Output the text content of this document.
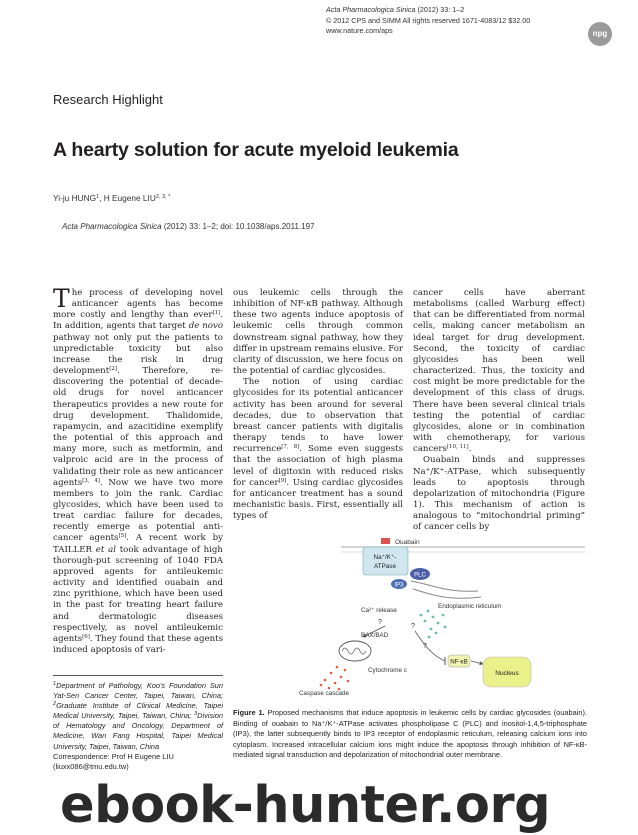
Acta Pharmacologica Sinica (2012) 33: 1–2
© 2012 CPS and SIMM All rights reserved 1671-4083/12 $32.00
www.nature.com/aps	npg
Research Highlight
A hearty solution for acute myeloid leukemia
Yi-ju HUNG$^1$, H Eugene $LIU^{2, 3, *}$
Acta Pharmacologica Sinica (2012) 33: 1–2; doi: 10.1038/aps.2011.197

The process of developing novel anticancer agents has become more costly and lengthy than ever[1]. In addition, agents that target de novo pathway not only put the patients to unpredictable toxicity but also increase the risk in drug development[2]. Therefore, re-discovering the potential of decade-old drugs for novel anticancer therapeutics provides a new route for drug development. Thalidomide, rapamycin, and azacitidine exemplify the potential of this approach and many more, such as metformin, and valproic acid are in the process of validating their role as new anticancer agents[3, 4]. Now we have two more members to join the rank. Cardiac glycosides, which have been used to treat cardiac failure for decades, recently emerge as potential anti-cancer agents[5]. A recent work by TAILLER et al took advantage of high thorough-put screening of 1040 FDA approved agents for antileukemic activity and identified ouabain and zinc pyrithione, which have been used in the past for treating heart failure and dermatologic diseases respectively, as novel antileukemic agents[6]. They found that these agents induced apoptosis of vari-

ous leukemic cells through the inhibition of NF-κB pathway. Although these two agents induce apoptosis of leukemic cells through common downstream signal pathway, how they differ in upstream remains elusive. For clarity of discussion, we here focus on the potential of cardiac glycosides.

The notion of using cardiac glycosides for its potential anticancer activity has been around for several decades, due to observation that breast cancer patients with digitalis therapy tends to have lower recurrence[7, 8]. Some even suggests that the association of high plasma level of digitoxin with reduced risks for cancer[9]. Using cardiac glycosides for anticancer treatment has a sound mechanistic basis. First, essentially all types of

cancer cells have aberrant metabolisms (called Warburg effect) that can be differentiated from normal cells, making cancer metabolism an ideal target for drug development. Second, the toxicity of cardiac glycosides has been well characterized. Thus, the toxicity and cost might be more predictable for the development of this class of drugs. There have been several clinical trials testing the potential of cardiac glycosides, alone or in combination with chemotherapy, for various cancers[10, 11].

Ouabain binds and suppresses Na+/K+-ATPase, which subsequently leads to apoptosis through depolarization of mitochondria (Figure 1). This mechanism of action is analogous to “mitochondrial priming” of cancer cells by

$^1$Department of Pathology, Koo's Foundation Sun Yat-Sen Cancer Center, Taipei, Taiwan, China; $^2$Graduate Institute of Clinical Medicine, Taipei Medical University, Taipei, Taiwan, China; $^3$Division of Hematology and Oncology, Department of Medicine, Wan Fang Hospital, Taipei Medical University, Taipei, Taiwan, China
Correspondence: Prof H Eugene LIU
(liuxx086@tmu.edu.tw)
Ouabain
Na⁺/K⁺-
ATPase
PLC
IP3
Endoplasmic reticulum
Ca²⁺ release
?
?
?
BAX/BAD
Cytochrome c
Caspase cascade
NF-κB
Nucleus
Figure 1. Proposed mechanisms that induce apoptosis in leukemic cells by cardiac glycosides (ouabain). Binding of ouabain to Na⁺/K⁺-ATPase activates phospholipase C (PLC) and inositol-1,4,5-triphosphate (IP3), the latter subsequently binds to IP3 receptor of endoplasmic reticulum, releasing calcium ions into cytoplasm. Increased intracellular calcium ions might induce the apoptosis through inhibition of NF-κB-mediated signal transduction and depolarization of mitochondrial outer membrane.
ebook-hunter.org
